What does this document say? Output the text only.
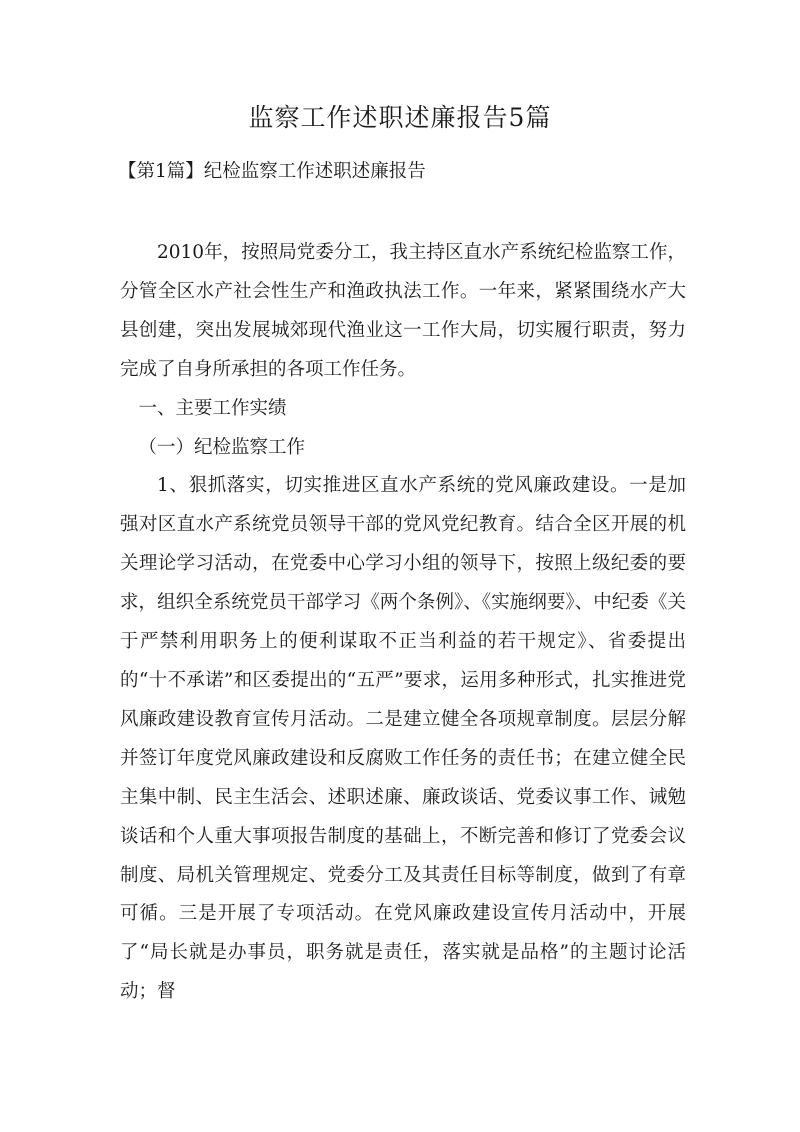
监察工作述职述廉报告5篇
【第1篇】纪检监察工作述职述廉报告

2010年，按照局党委分工，我主持区直水产系统纪检监察工作，分管全区水产社会性生产和渔政执法工作。一年来，紧紧围绕水产大县创建，突出发展城郊现代渔业这一工作大局，切实履行职责，努力完成了自身所承担的各项工作任务。

一、主要工作实绩

（一）纪检监察工作

1、狠抓落实，切实推进区直水产系统的党风廉政建设。一是加强对区直水产系统党员领导干部的党风党纪教育。结合全区开展的机关理论学习活动，在党委中心学习小组的领导下，按照上级纪委的要求，组织全系统党员干部学习《两个条例》、《实施纲要》、中纪委《关于严禁利用职务上的便利谋取不正当利益的若干规定》、省委提出的“十不承诺”和区委提出的“五严”要求，运用多种形式，扎实推进党风廉政建设教育宣传月活动。二是建立健全各项规章制度。层层分解并签订年度党风廉政建设和反腐败工作任务的责任书；在建立健全民主集中制、民主生活会、述职述廉、廉政谈话、党委议事工作、诫勉谈话和个人重大事项报告制度的基础上，不断完善和修订了党委会议制度、局机关管理规定、党委分工及其责任目标等制度，做到了有章可循。三是开展了专项活动。在党风廉政建设宣传月活动中，开展了“局长就是办事员，职务就是责任，落实就是品格”的主题讨论活动；督
